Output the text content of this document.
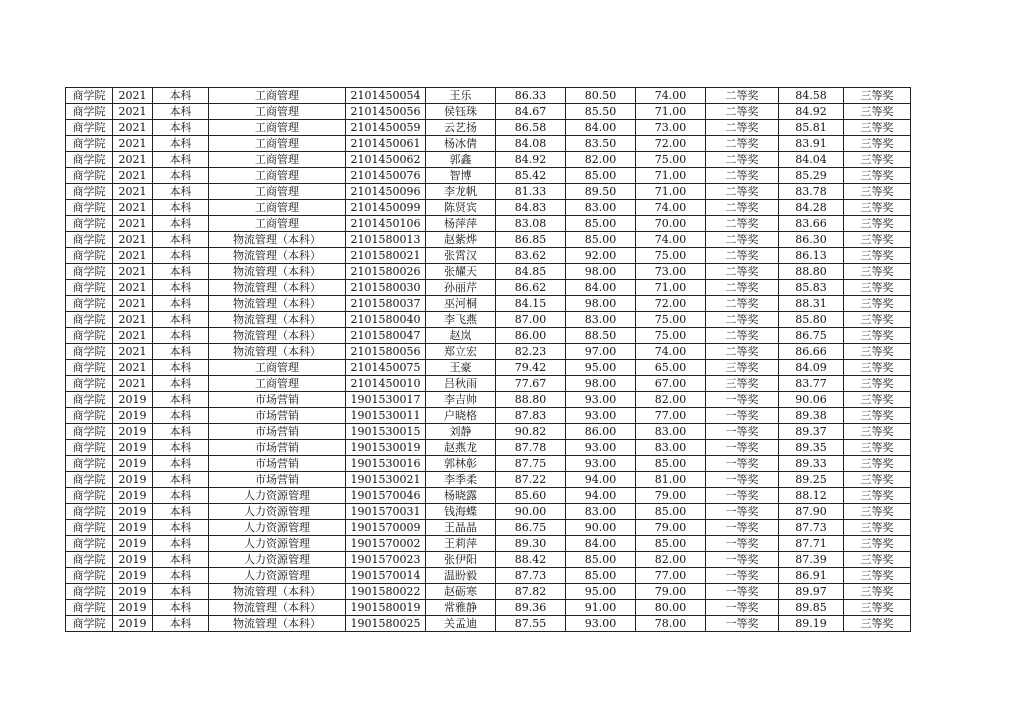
商学院	2021	本科	工商管理	2101450054	王乐	86.33	80.50	74.00	二等奖	84.58	三等奖
商学院	2021	本科	工商管理	2101450056	侯钰珠	84.67	85.50	71.00	二等奖	84.92	三等奖
商学院	2021	本科	工商管理	2101450059	云艺扬	86.58	84.00	73.00	二等奖	85.81	三等奖
商学院	2021	本科	工商管理	2101450061	杨冰倩	84.08	83.50	72.00	二等奖	83.91	三等奖
商学院	2021	本科	工商管理	2101450062	郭鑫	84.92	82.00	75.00	二等奖	84.04	三等奖
商学院	2021	本科	工商管理	2101450076	智博	85.42	85.00	71.00	二等奖	85.29	三等奖
商学院	2021	本科	工商管理	2101450096	李龙帆	81.33	89.50	71.00	二等奖	83.78	三等奖
商学院	2021	本科	工商管理	2101450099	陈贤宾	84.83	83.00	74.00	二等奖	84.28	三等奖
商学院	2021	本科	工商管理	2101450106	杨萍萍	83.08	85.00	70.00	二等奖	83.66	三等奖
商学院	2021	本科	物流管理（本科）	2101580013	赵紫烨	86.85	85.00	74.00	二等奖	86.30	三等奖
商学院	2021	本科	物流管理（本科）	2101580021	张霄汉	83.62	92.00	75.00	二等奖	86.13	三等奖
商学院	2021	本科	物流管理（本科）	2101580026	张耀天	84.85	98.00	73.00	二等奖	88.80	三等奖
商学院	2021	本科	物流管理（本科）	2101580030	孙丽芹	86.62	84.00	71.00	二等奖	85.83	三等奖
商学院	2021	本科	物流管理（本科）	2101580037	巫河桐	84.15	98.00	72.00	二等奖	88.31	三等奖
商学院	2021	本科	物流管理（本科）	2101580040	李飞燕	87.00	83.00	75.00	二等奖	85.80	三等奖
商学院	2021	本科	物流管理（本科）	2101580047	赵岚	86.00	88.50	75.00	二等奖	86.75	三等奖
商学院	2021	本科	物流管理（本科）	2101580056	郑立宏	82.23	97.00	74.00	二等奖	86.66	三等奖
商学院	2021	本科	工商管理	2101450075	王豪	79.42	95.00	65.00	三等奖	84.09	三等奖
商学院	2021	本科	工商管理	2101450010	吕秋雨	77.67	98.00	67.00	三等奖	83.77	三等奖
商学院	2019	本科	市场营销	1901530017	李吉帅	88.80	93.00	82.00	一等奖	90.06	三等奖
商学院	2019	本科	市场营销	1901530011	户晓格	87.83	93.00	77.00	一等奖	89.38	三等奖
商学院	2019	本科	市场营销	1901530015	刘静	90.82	86.00	83.00	一等奖	89.37	三等奖
商学院	2019	本科	市场营销	1901530019	赵燕龙	87.78	93.00	83.00	一等奖	89.35	三等奖
商学院	2019	本科	市场营销	1901530016	郭林彰	87.75	93.00	85.00	一等奖	89.33	三等奖
商学院	2019	本科	市场营销	1901530021	李季柔	87.22	94.00	81.00	一等奖	89.25	三等奖
商学院	2019	本科	人力资源管理	1901570046	杨晓露	85.60	94.00	79.00	一等奖	88.12	三等奖
商学院	2019	本科	人力资源管理	1901570031	钱海蝶	90.00	83.00	85.00	一等奖	87.90	三等奖
商学院	2019	本科	人力资源管理	1901570009	王晶晶	86.75	90.00	79.00	一等奖	87.73	三等奖
商学院	2019	本科	人力资源管理	1901570002	王莉萍	89.30	84.00	85.00	一等奖	87.71	三等奖
商学院	2019	本科	人力资源管理	1901570023	张伊阳	88.42	85.00	82.00	一等奖	87.39	三等奖
商学院	2019	本科	人力资源管理	1901570014	温盼毅	87.73	85.00	77.00	一等奖	86.91	三等奖
商学院	2019	本科	物流管理（本科）	1901580022	赵砺寒	87.82	95.00	79.00	一等奖	89.97	三等奖
商学院	2019	本科	物流管理（本科）	1901580019	常雅静	89.36	91.00	80.00	一等奖	89.85	三等奖
商学院	2019	本科	物流管理（本科）	1901580025	关孟迪	87.55	93.00	78.00	一等奖	89.19	三等奖
